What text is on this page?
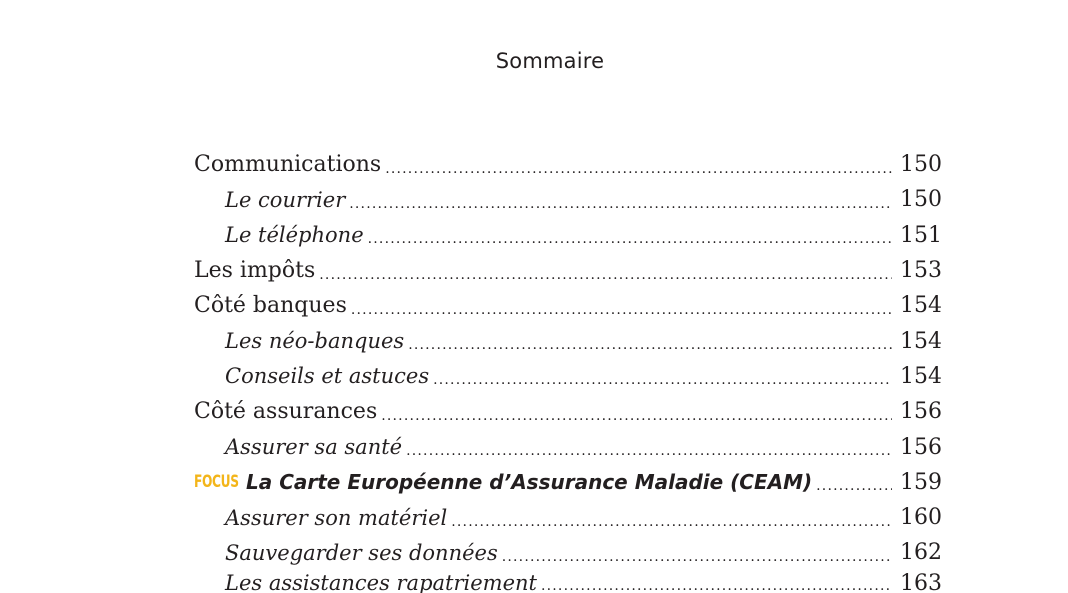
Sommaire
Communications .....	150
Le courrier .....	150
Le téléphone .....	151
Les impôts .....	153
Côté banques .....	154
Les néo-banques .....	154
Conseils et astuces .....	154
Côté assurances .....	156
Assurer sa santé .....	156
FOCUS La Carte Européenne d’Assurance Maladie (CEAM) .....	159
Assurer son matériel .....	160
Sauvegarder ses données .....	162
Les assistances rapatriement .....	163
